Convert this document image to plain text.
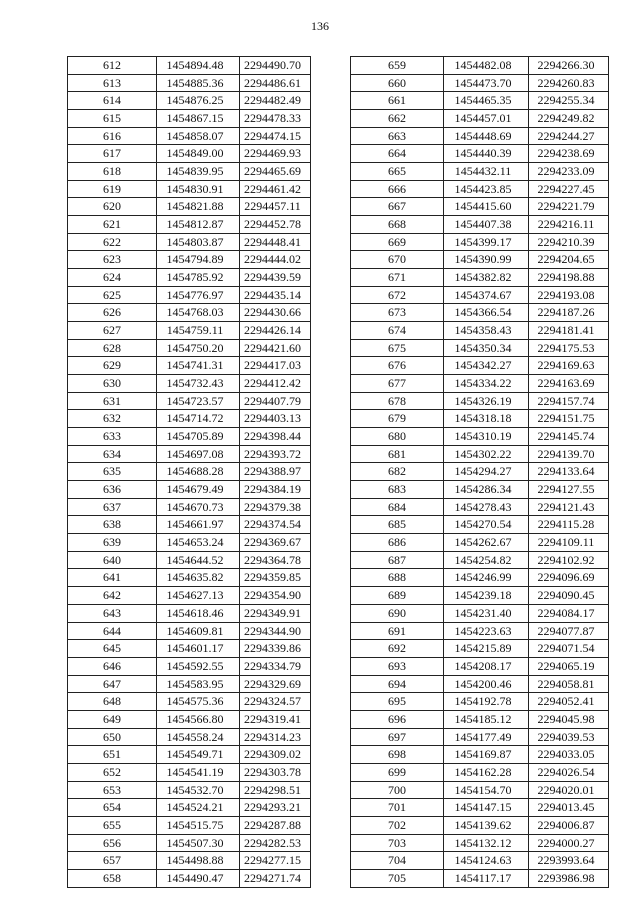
136
612	1454894.48	2294490.70
613	1454885.36	2294486.61
614	1454876.25	2294482.49
615	1454867.15	2294478.33
616	1454858.07	2294474.15
617	1454849.00	2294469.93
618	1454839.95	2294465.69
619	1454830.91	2294461.42
620	1454821.88	2294457.11
621	1454812.87	2294452.78
622	1454803.87	2294448.41
623	1454794.89	2294444.02
624	1454785.92	2294439.59
625	1454776.97	2294435.14
626	1454768.03	2294430.66
627	1454759.11	2294426.14
628	1454750.20	2294421.60
629	1454741.31	2294417.03
630	1454732.43	2294412.42
631	1454723.57	2294407.79
632	1454714.72	2294403.13
633	1454705.89	2294398.44
634	1454697.08	2294393.72
635	1454688.28	2294388.97
636	1454679.49	2294384.19
637	1454670.73	2294379.38
638	1454661.97	2294374.54
639	1454653.24	2294369.67
640	1454644.52	2294364.78
641	1454635.82	2294359.85
642	1454627.13	2294354.90
643	1454618.46	2294349.91
644	1454609.81	2294344.90
645	1454601.17	2294339.86
646	1454592.55	2294334.79
647	1454583.95	2294329.69
648	1454575.36	2294324.57
649	1454566.80	2294319.41
650	1454558.24	2294314.23
651	1454549.71	2294309.02
652	1454541.19	2294303.78
653	1454532.70	2294298.51
654	1454524.21	2294293.21
655	1454515.75	2294287.88
656	1454507.30	2294282.53
657	1454498.88	2294277.15
658	1454490.47	2294271.74
659	1454482.08	2294266.30
660	1454473.70	2294260.83
661	1454465.35	2294255.34
662	1454457.01	2294249.82
663	1454448.69	2294244.27
664	1454440.39	2294238.69
665	1454432.11	2294233.09
666	1454423.85	2294227.45
667	1454415.60	2294221.79
668	1454407.38	2294216.11
669	1454399.17	2294210.39
670	1454390.99	2294204.65
671	1454382.82	2294198.88
672	1454374.67	2294193.08
673	1454366.54	2294187.26
674	1454358.43	2294181.41
675	1454350.34	2294175.53
676	1454342.27	2294169.63
677	1454334.22	2294163.69
678	1454326.19	2294157.74
679	1454318.18	2294151.75
680	1454310.19	2294145.74
681	1454302.22	2294139.70
682	1454294.27	2294133.64
683	1454286.34	2294127.55
684	1454278.43	2294121.43
685	1454270.54	2294115.28
686	1454262.67	2294109.11
687	1454254.82	2294102.92
688	1454246.99	2294096.69
689	1454239.18	2294090.45
690	1454231.40	2294084.17
691	1454223.63	2294077.87
692	1454215.89	2294071.54
693	1454208.17	2294065.19
694	1454200.46	2294058.81
695	1454192.78	2294052.41
696	1454185.12	2294045.98
697	1454177.49	2294039.53
698	1454169.87	2294033.05
699	1454162.28	2294026.54
700	1454154.70	2294020.01
701	1454147.15	2294013.45
702	1454139.62	2294006.87
703	1454132.12	2294000.27
704	1454124.63	2293993.64
705	1454117.17	2293986.98
